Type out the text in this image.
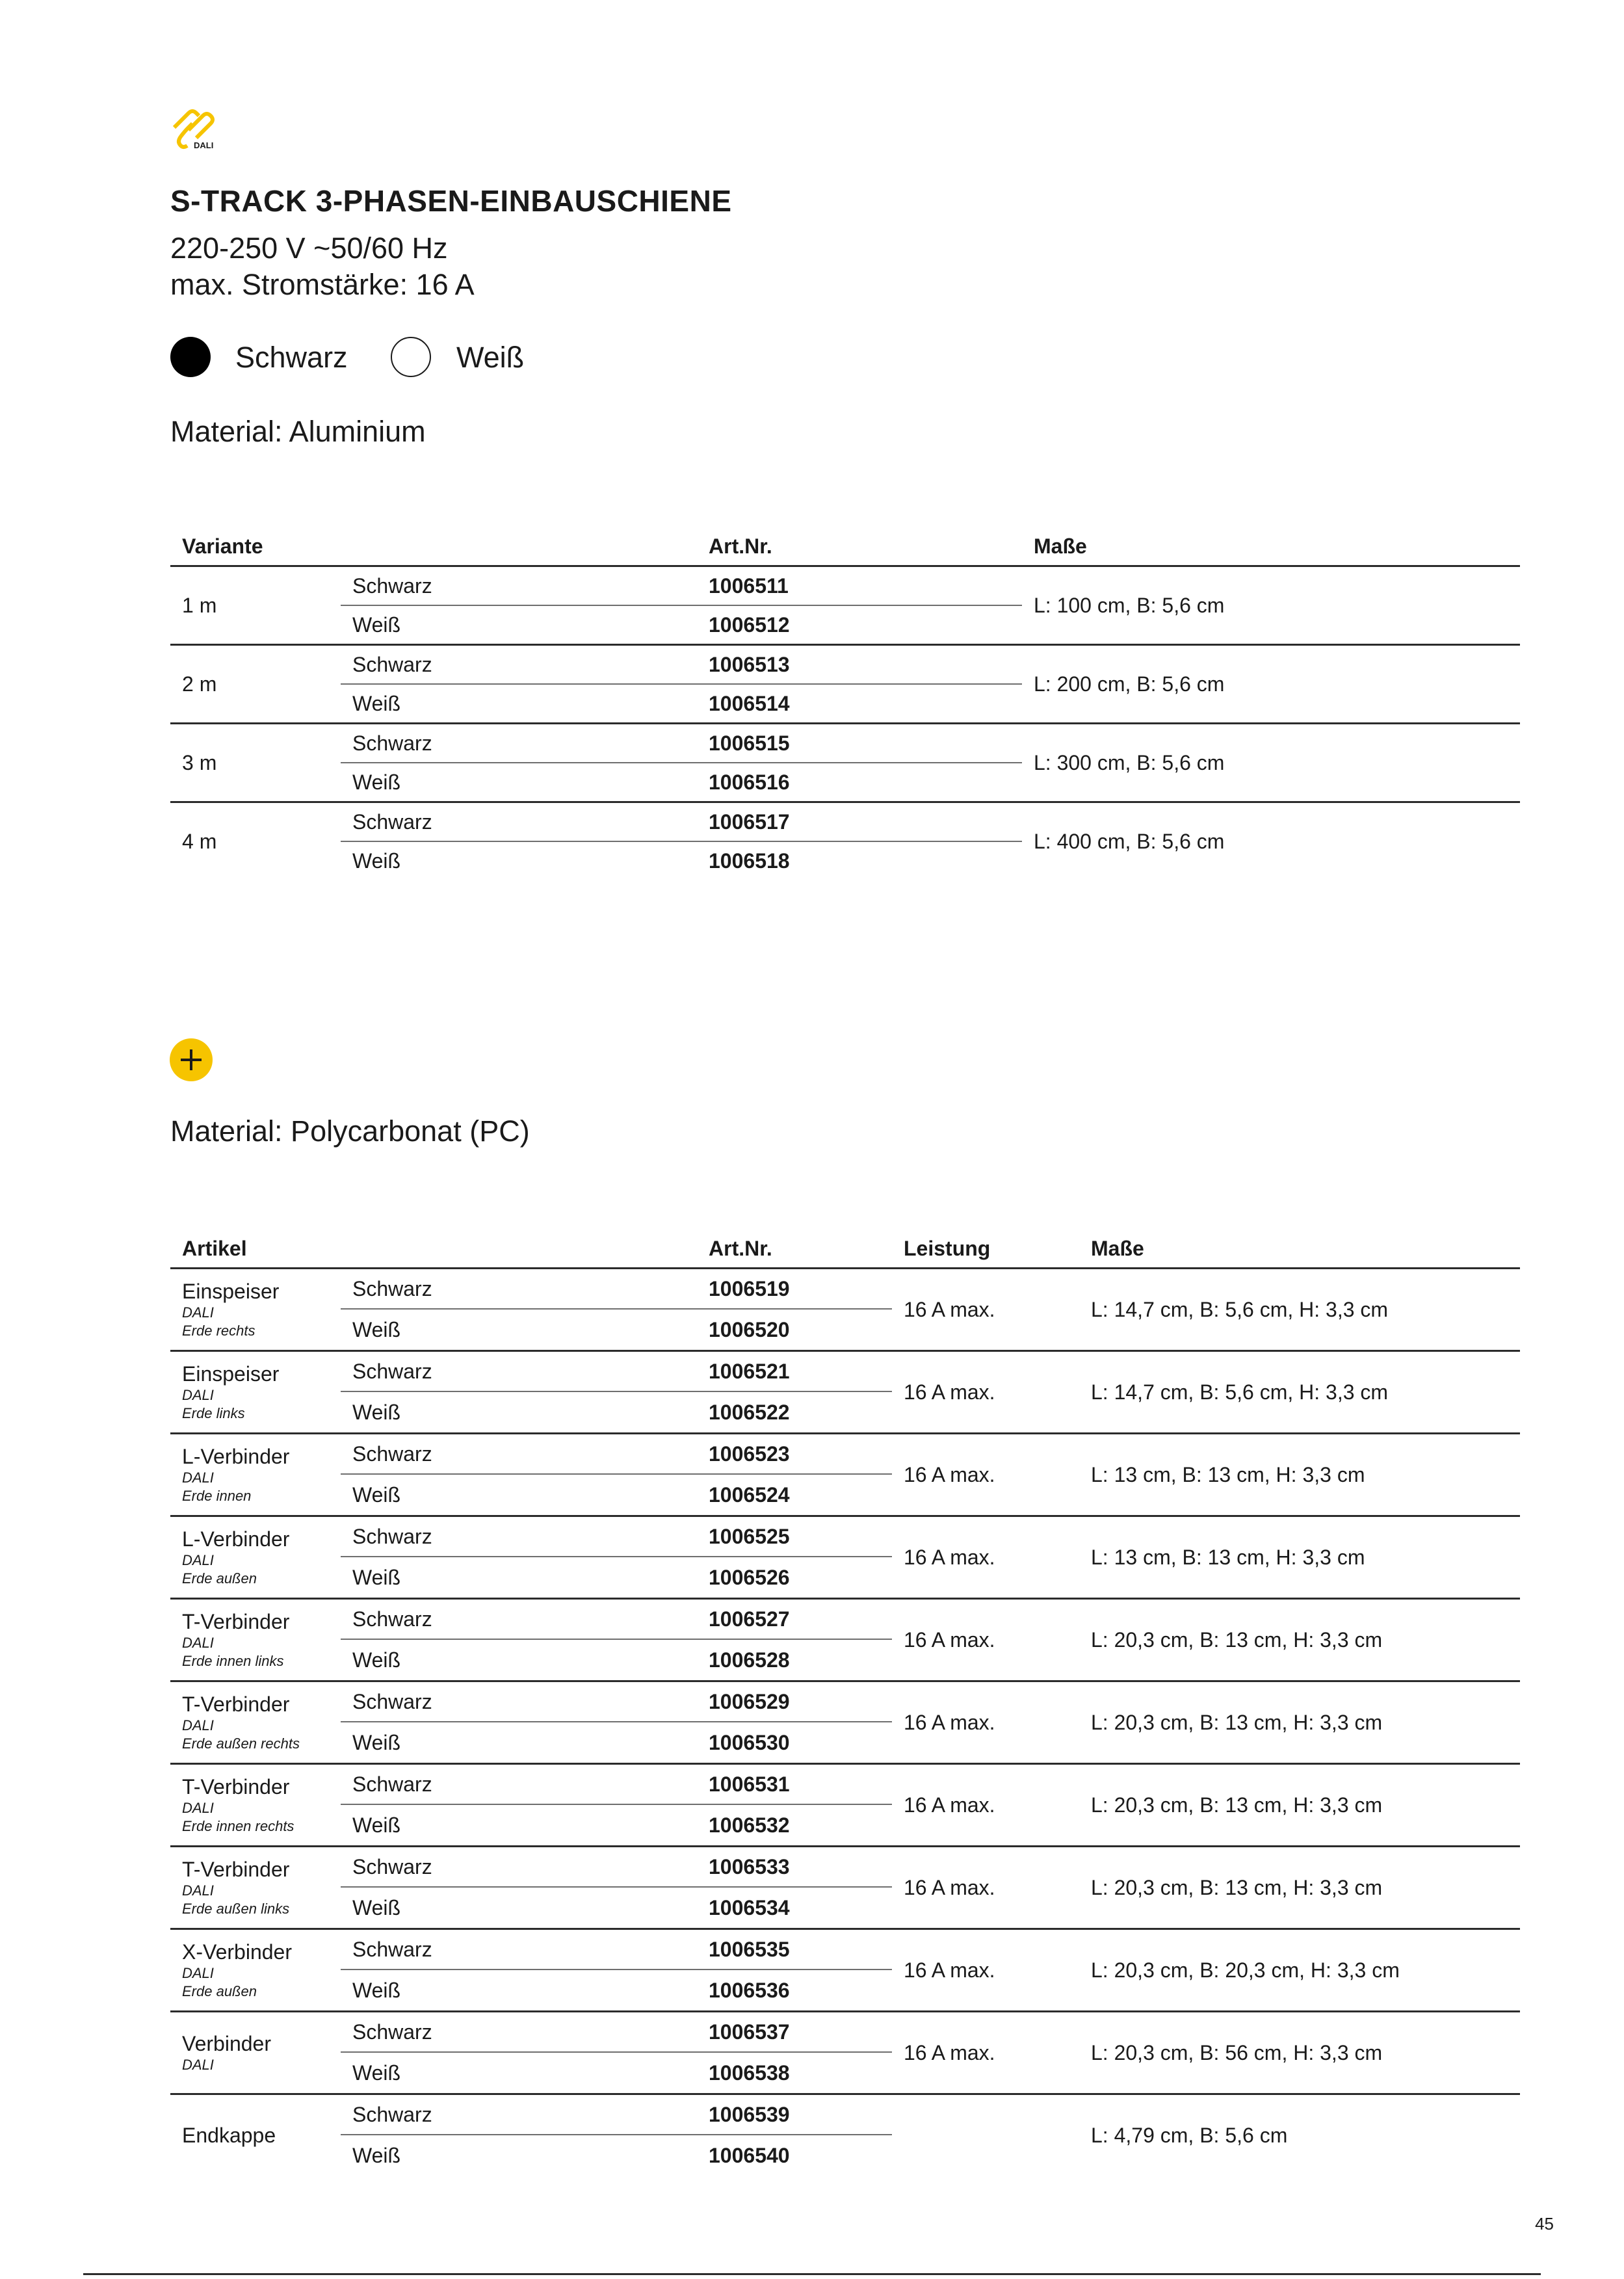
DALI
S-TRACK 3-PHASEN-EINBAUSCHIENE
220-250 V ~50/60 Hz
max. Stromstärke: 16 A
Schwarz	Weiß
Material: Aluminium
Variante		Art.Nr.	Maße
1 m	Schwarz	1006511	L: 100 cm, B: 5,6 cm
	Weiß	1006512	
2 m	Schwarz	1006513	L: 200 cm, B: 5,6 cm
	Weiß	1006514	
3 m	Schwarz	1006515	L: 300 cm, B: 5,6 cm
	Weiß	1006516	
4 m	Schwarz	1006517	L: 400 cm, B: 5,6 cm
	Weiß	1006518	
Material: Polycarbonat (PC)
Artikel		Art.Nr.	Leistung	Maße

Einspeiser
DALI
Erde rechts	Schwarz	1006519	16 A max.	L: 14,7 cm, B: 5,6 cm, H: 3,3 cm
	Weiß	1006520		

Einspeiser
DALI
Erde links	Schwarz	1006521	16 A max.	L: 14,7 cm, B: 5,6 cm, H: 3,3 cm
	Weiß	1006522		

L-Verbinder
DALI
Erde innen	Schwarz	1006523	16 A max.	L: 13 cm, B: 13 cm, H: 3,3 cm
	Weiß	1006524		

L-Verbinder
DALI
Erde außen	Schwarz	1006525	16 A max.	L: 13 cm, B: 13 cm, H: 3,3 cm
	Weiß	1006526		

T-Verbinder
DALI
Erde innen links	Schwarz	1006527	16 A max.	L: 20,3 cm, B: 13 cm, H: 3,3 cm
	Weiß	1006528		

T-Verbinder
DALI
Erde außen rechts	Schwarz	1006529	16 A max.	L: 20,3 cm, B: 13 cm, H: 3,3 cm
	Weiß	1006530		

T-Verbinder
DALI
Erde innen rechts	Schwarz	1006531	16 A max.	L: 20,3 cm, B: 13 cm, H: 3,3 cm
	Weiß	1006532		

T-Verbinder
DALI
Erde außen links	Schwarz	1006533	16 A max.	L: 20,3 cm, B: 13 cm, H: 3,3 cm
	Weiß	1006534		

X-Verbinder
DALI
Erde außen	Schwarz	1006535	16 A max.	L: 20,3 cm, B: 20,3 cm, H: 3,3 cm
	Weiß	1006536		

Verbinder
DALI	Schwarz	1006537	16 A max.	L: 20,3 cm, B: 56 cm, H: 3,3 cm
	Weiß	1006538		

Endkappe	Schwarz	1006539		L: 4,79 cm, B: 5,6 cm
	Weiß	1006540		
45
